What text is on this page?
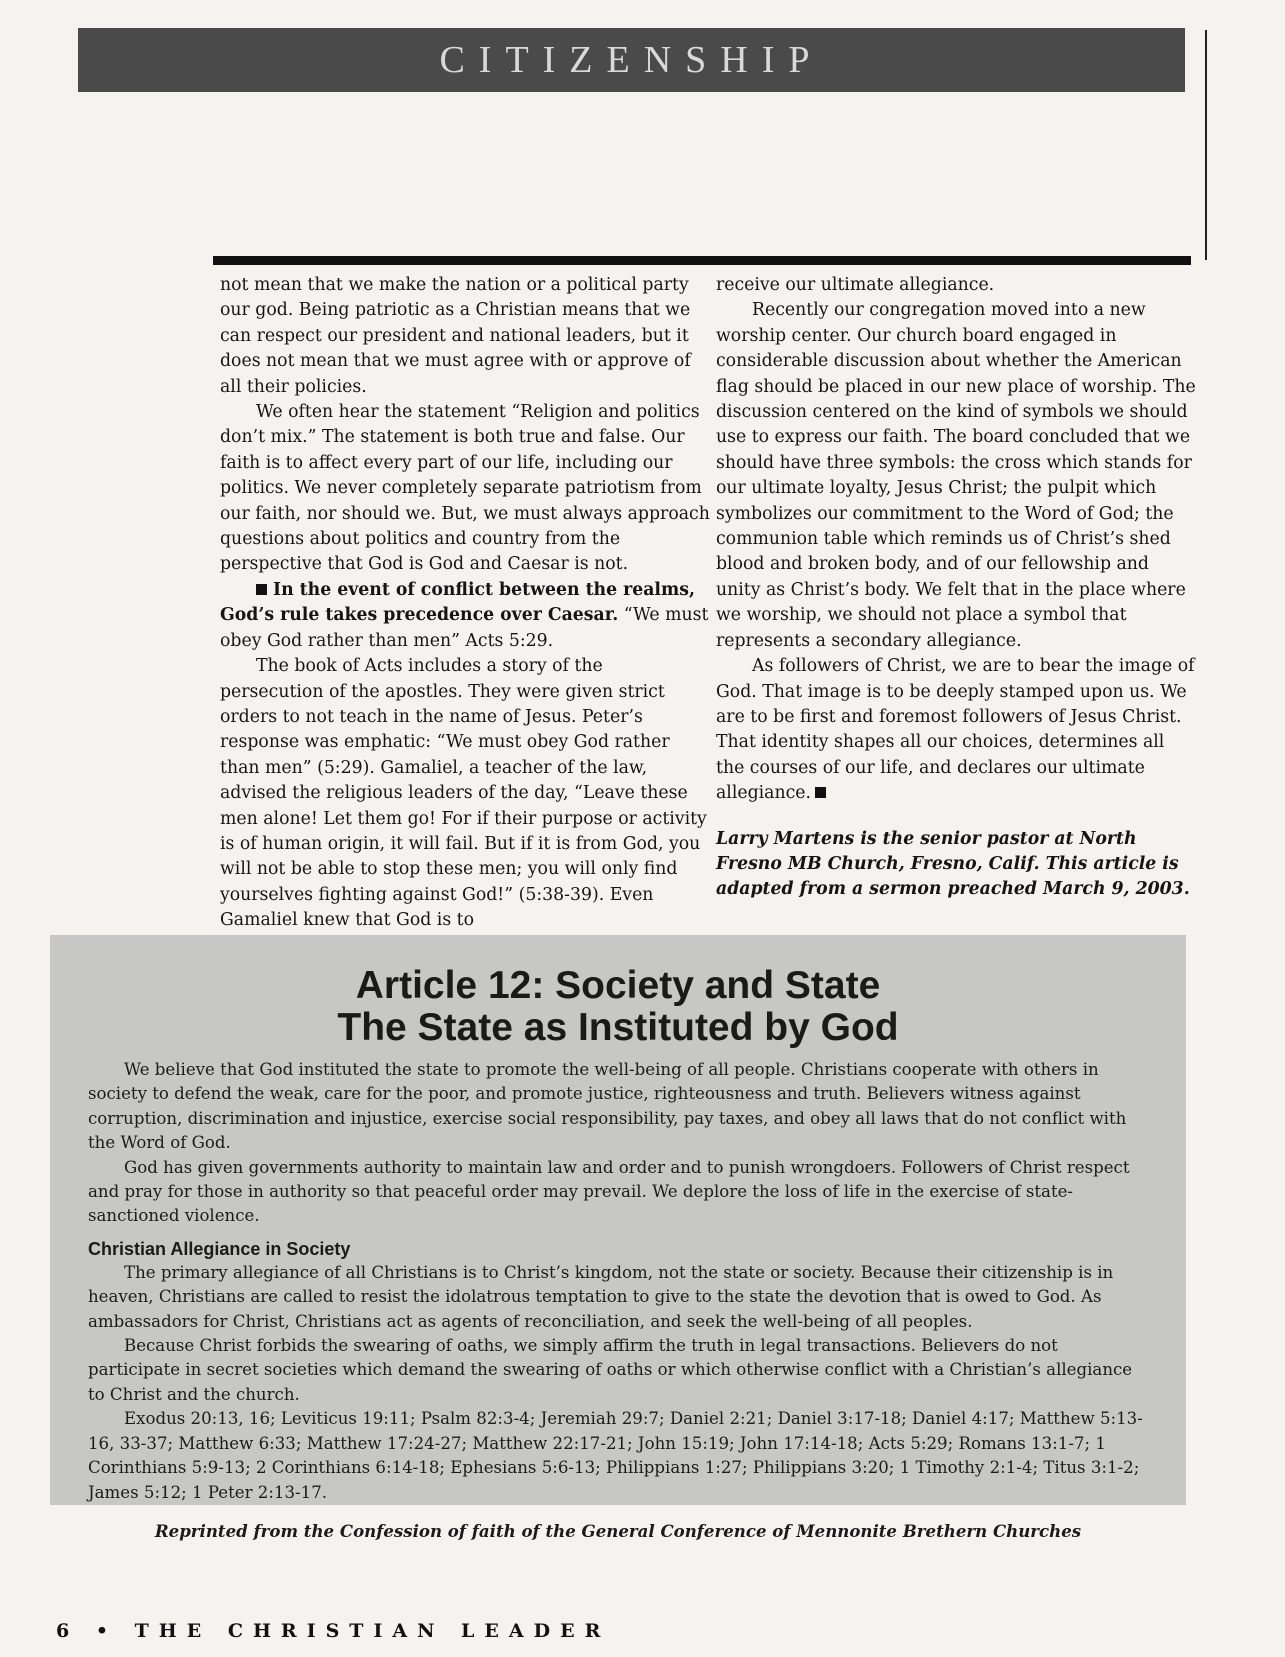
CITIZENSHIP

not mean that we make the nation or a political party our god. Being patriotic as a Christian means that we can respect our president and national leaders, but it does not mean that we must agree with or approve of all their policies.

We often hear the statement “Religion and politics don’t mix.” The statement is both true and false. Our faith is to affect every part of our life, including our politics. We never completely separate patriotism from our faith, nor should we. But, we must always approach questions about politics and country from the perspective that God is God and Caesar is not.

In the event of conflict between the realms, God’s rule takes precedence over Caesar. “We must obey God rather than men” Acts 5:29.

The book of Acts includes a story of the persecution of the apostles. They were given strict orders to not teach in the name of Jesus. Peter’s response was emphatic: “We must obey God rather than men” (5:29). Gamaliel, a teacher of the law, advised the religious leaders of the day, “Leave these men alone! Let them go! For if their purpose or activity is of human origin, it will fail. But if it is from God, you will not be able to stop these men; you will only find yourselves fighting against God!” (5:38-39). Even Gamaliel knew that God is to

receive our ultimate allegiance.

Recently our congregation moved into a new worship center. Our church board engaged in considerable discussion about whether the American flag should be placed in our new place of worship. The discussion centered on the kind of symbols we should use to express our faith. The board concluded that we should have three symbols: the cross which stands for our ultimate loyalty, Jesus Christ; the pulpit which symbolizes our commitment to the Word of God; the communion table which reminds us of Christ’s shed blood and broken body, and of our fellowship and unity as Christ’s body. We felt that in the place where we worship, we should not place a symbol that represents a secondary allegiance.

As followers of Christ, we are to bear the image of God. That image is to be deeply stamped upon us. We are to be first and foremost followers of Jesus Christ. That identity shapes all our choices, determines all the courses of our life, and declares our ultimate allegiance.

Larry Martens is the senior pastor at North Fresno MB Church, Fresno, Calif. This article is adapted from a sermon preached March 9, 2003.

Article 12: Society and State
The State as Instituted by God

We believe that God instituted the state to promote the well-being of all people. Christians cooperate with others in society to defend the weak, care for the poor, and promote justice, righteousness and truth. Believers witness against corruption, discrimination and injustice, exercise social responsibility, pay taxes, and obey all laws that do not conflict with the Word of God.

God has given governments authority to maintain law and order and to punish wrongdoers. Followers of Christ respect and pray for those in authority so that peaceful order may prevail. We deplore the loss of life in the exercise of state-sanctioned violence.

Christian Allegiance in Society

The primary allegiance of all Christians is to Christ’s kingdom, not the state or society. Because their citizenship is in heaven, Christians are called to resist the idolatrous temptation to give to the state the devotion that is owed to God. As ambassadors for Christ, Christians act as agents of reconciliation, and seek the well-being of all peoples.

Because Christ forbids the swearing of oaths, we simply affirm the truth in legal transactions. Believers do not participate in secret societies which demand the swearing of oaths or which otherwise conflict with a Christian’s allegiance to Christ and the church.

Exodus 20:13, 16; Leviticus 19:11; Psalm 82:3-4; Jeremiah 29:7; Daniel 2:21; Daniel 3:17-18; Daniel 4:17; Matthew 5:13-16, 33-37; Matthew 6:33; Matthew 17:24-27; Matthew 22:17-21; John 15:19; John 17:14-18; Acts 5:29; Romans 13:1-7; 1 Corinthians 5:9-13; 2 Corinthians 6:14-18; Ephesians 5:6-13; Philippians 1:27; Philippians 3:20; 1 Timothy 2:1-4; Titus 3:1-2; James 5:12; 1 Peter 2:13-17.

Reprinted from the Confession of faith of the General Conference of Mennonite Brethern Churches

6 • THE CHRISTIAN LEADER
